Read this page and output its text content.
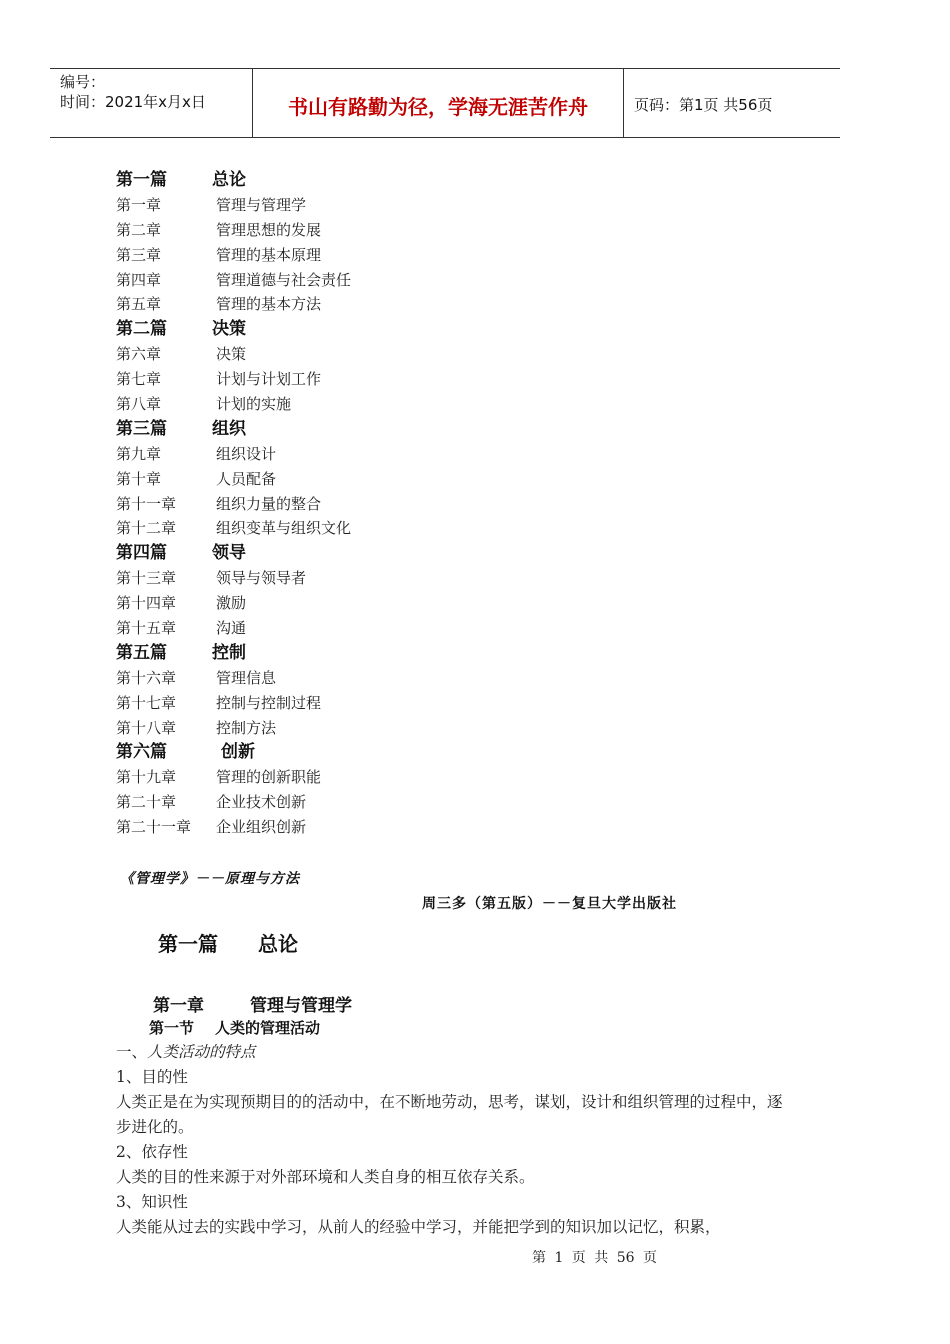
编号：
时间：2021年x月x日	书山有路勤为径，学海无涯苦作舟	页码：第1页 共56页
第一篇	总论
第一章	管理与管理学
第二章	管理思想的发展
第三章	管理的基本原理
第四章	管理道德与社会责任
第五章	管理的基本方法
第二篇	决策
第六章	决策
第七章	计划与计划工作
第八章	计划的实施
第三篇	组织
第九章	组织设计
第十章	人员配备
第十一章	组织力量的整合
第十二章	组织变革与组织文化
第四篇	领导
第十三章	领导与领导者
第十四章	激励
第十五章	沟通
第五篇	控制
第十六章	管理信息
第十七章	控制与控制过程
第十八章	控制方法
第六篇	创新
第十九章	管理的创新职能
第二十章	企业技术创新
第二十一章 企业组织创新
《管理学》－－原理与方法
周三多（第五版）－－复旦大学出版社
第一篇 总论
第一章	管理与管理学
第一节 人类的管理活动
一、人类活动的特点
1、目的性
人类正是在为实现预期目的的活动中，在不断地劳动，思考，谋划，设计和组织管理的过程中，逐步进化的。
2、依存性
人类的目的性来源于对外部环境和人类自身的相互依存关系。
3、知识性
人类能从过去的实践中学习，从前人的经验中学习，并能把学到的知识加以记忆，积累，
第 1 页 共 56 页
